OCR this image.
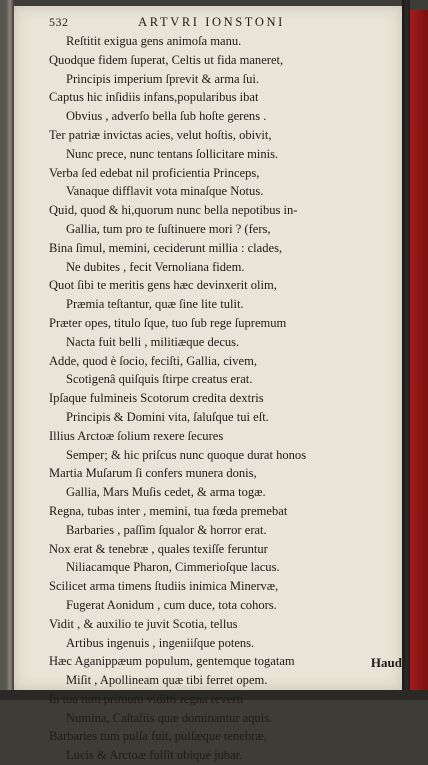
532	ARTVRI IONSTONI
Reſtitit exigua gens animoſa manu.
Quodque fidem ſuperat, Celtis ut fida maneret,
Principis imperium ſprevit & arma ſui.
Captus hic inſidiis infans,popularibus ibat
Obvius , adverſo bella ſub hoſte gerens .
Ter patriæ invictas acies, velut hoſtis, obivit,
Nunc prece, nunc tentans ſollicitare minis.
Verba ſed edebat nil proficientia Princeps,
Vanaque difflavit vota minaſque Notus.
Quid, quod & hi,quorum nunc bella nepotibus in-
Gallia, tum pro te ſuſtinuere mori ? (fers,
Bina ſimul, memini, ceciderunt millia : clades,
Ne dubites , fecit Vernoliana fidem.
Quot ſibi te meritis gens hæc devinxerit olim,
Præmia teſtantur, quæ ſine lite tulit.
Præter opes, titulo ſque, tuo ſub rege ſupremum
Nacta fuit belli , militiæque decus.
Adde, quod è ſocio, feciſti, Gallia, civem,
Scotigenâ quiſquis ſtirpe creatus erat.
Ipſaque fulmineis Scotorum credita dextris
Principis & Domini vita, ſaluſque tui eſt.
Illius Arctoæ ſolium rexere ſecures
Semper; & hic priſcus nunc quoque durat honos
Martia Muſarum ſi confers munera donis,
Gallia, Mars Muſis cedet, & arma togæ.
Regna, tubas inter , memini, tua fœda premebat
Barbaries , paſſim ſqualor & horror erat.
Nox erat & tenebræ , quales texiſſe feruntur
Niliacamque Pharon, Cimmerioſque lacus.
Scilicet arma timens ſtudiis inimica Minervæ,
Fugerat Aonidum , cum duce, tota cohors.
Vidit , & auxilio te juvit Scotia, tellus
Artibus ingenuis , ingeniiſque potens.
Hæc Aganippæum populum, gentemque togatam
Miſit , Apollineam quæ tibi ferret opem.
In tua tum primum viditti regna reverti
Numina, Caſtaliis quæ dominantur aquis.
Barbaries tum pulſa fuit, pulſæque tenebræ,
Lucis & Arctoæ fulſit ubique jubar.
Haud
